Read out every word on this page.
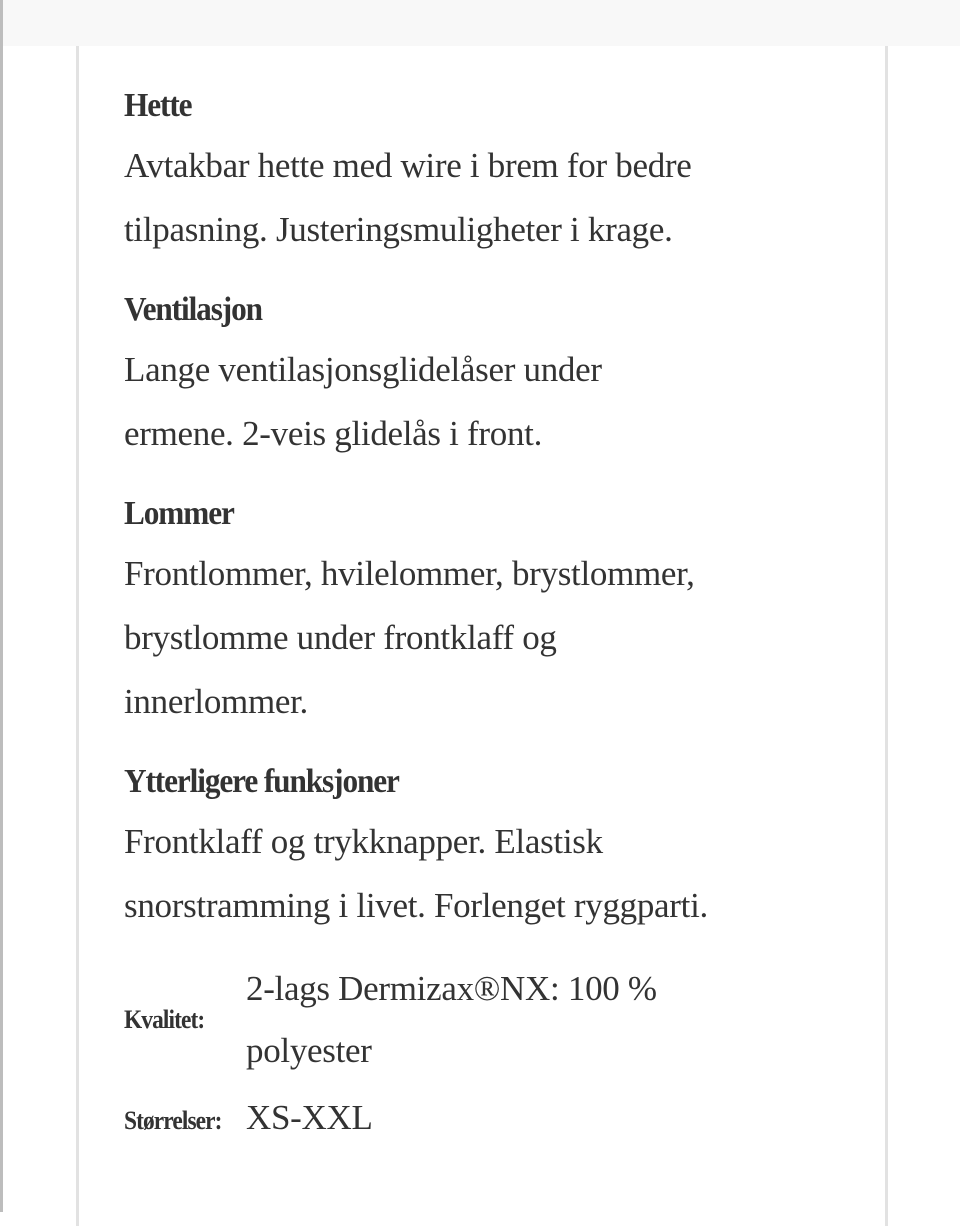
Hette
Avtakbar hette med wire i brem for bedre
tilpasning. Justeringsmuligheter i krage.
Ventilasjon
Lange ventilasjonsglidelåser under
ermene. 2-veis glidelås i front.
Lommer
Frontlommer, hvilelommer, brystlommer,
brystlomme under frontklaff og
innerlommer.
Ytterligere funksjoner
Frontklaff og trykknapper. Elastisk
snorstramming i livet. Forlenget ryggparti.
Kvalitet:
2-lags Dermizax®NX: 100 %
polyester
Størrelser: XS-XXL
